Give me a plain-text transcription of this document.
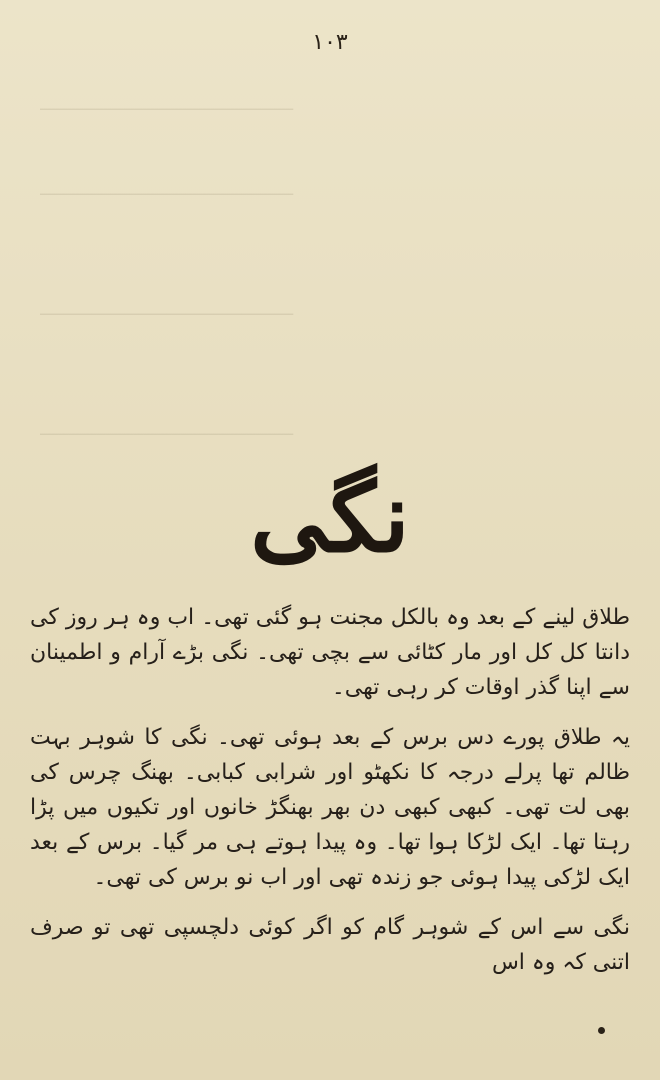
ــــــــــــــــــــــــــــــــــــــــــــــــــــــ
ــــــــــــــــــــــــــــــــــــــــــــــــــــــ
ــــــــــــــــــــــــــــــــــــــــــــــــــــــ
ــــــــــــــــــــــــــــــــــــــــــــــــــــــ
۱۰۳
نگی

طلاق لینے کے بعد وہ بالکل مجنت ہو گئی تھی۔ اب وہ ہر روز کی دانتا کل کل اور مار کٹائی سے بچی تھی۔ نگی بڑے آرام و اطمینان سے اپنا گذر اوقات کر رہی تھی۔

یہ طلاق پورے دس برس کے بعد ہوئی تھی۔ نگی کا شوہر بہت ظالم تھا پرلے درجہ کا نکھٹو اور شرابی کبابی۔ بھنگ چرس کی بھی لت تھی۔ کبھی کبھی دن بھر بھنگڑ خانوں اور تکیوں میں پڑا رہتا تھا۔ ایک لڑکا ہوا تھا۔ وہ پیدا ہوتے ہی مر گیا۔ برس کے بعد ایک لڑکی پیدا ہوئی جو زندہ تھی اور اب نو برس کی تھی۔

نگی سے اس کے شوہر گام کو اگر کوئی دلچسپی تھی تو صرف اتنی کہ وہ اس
